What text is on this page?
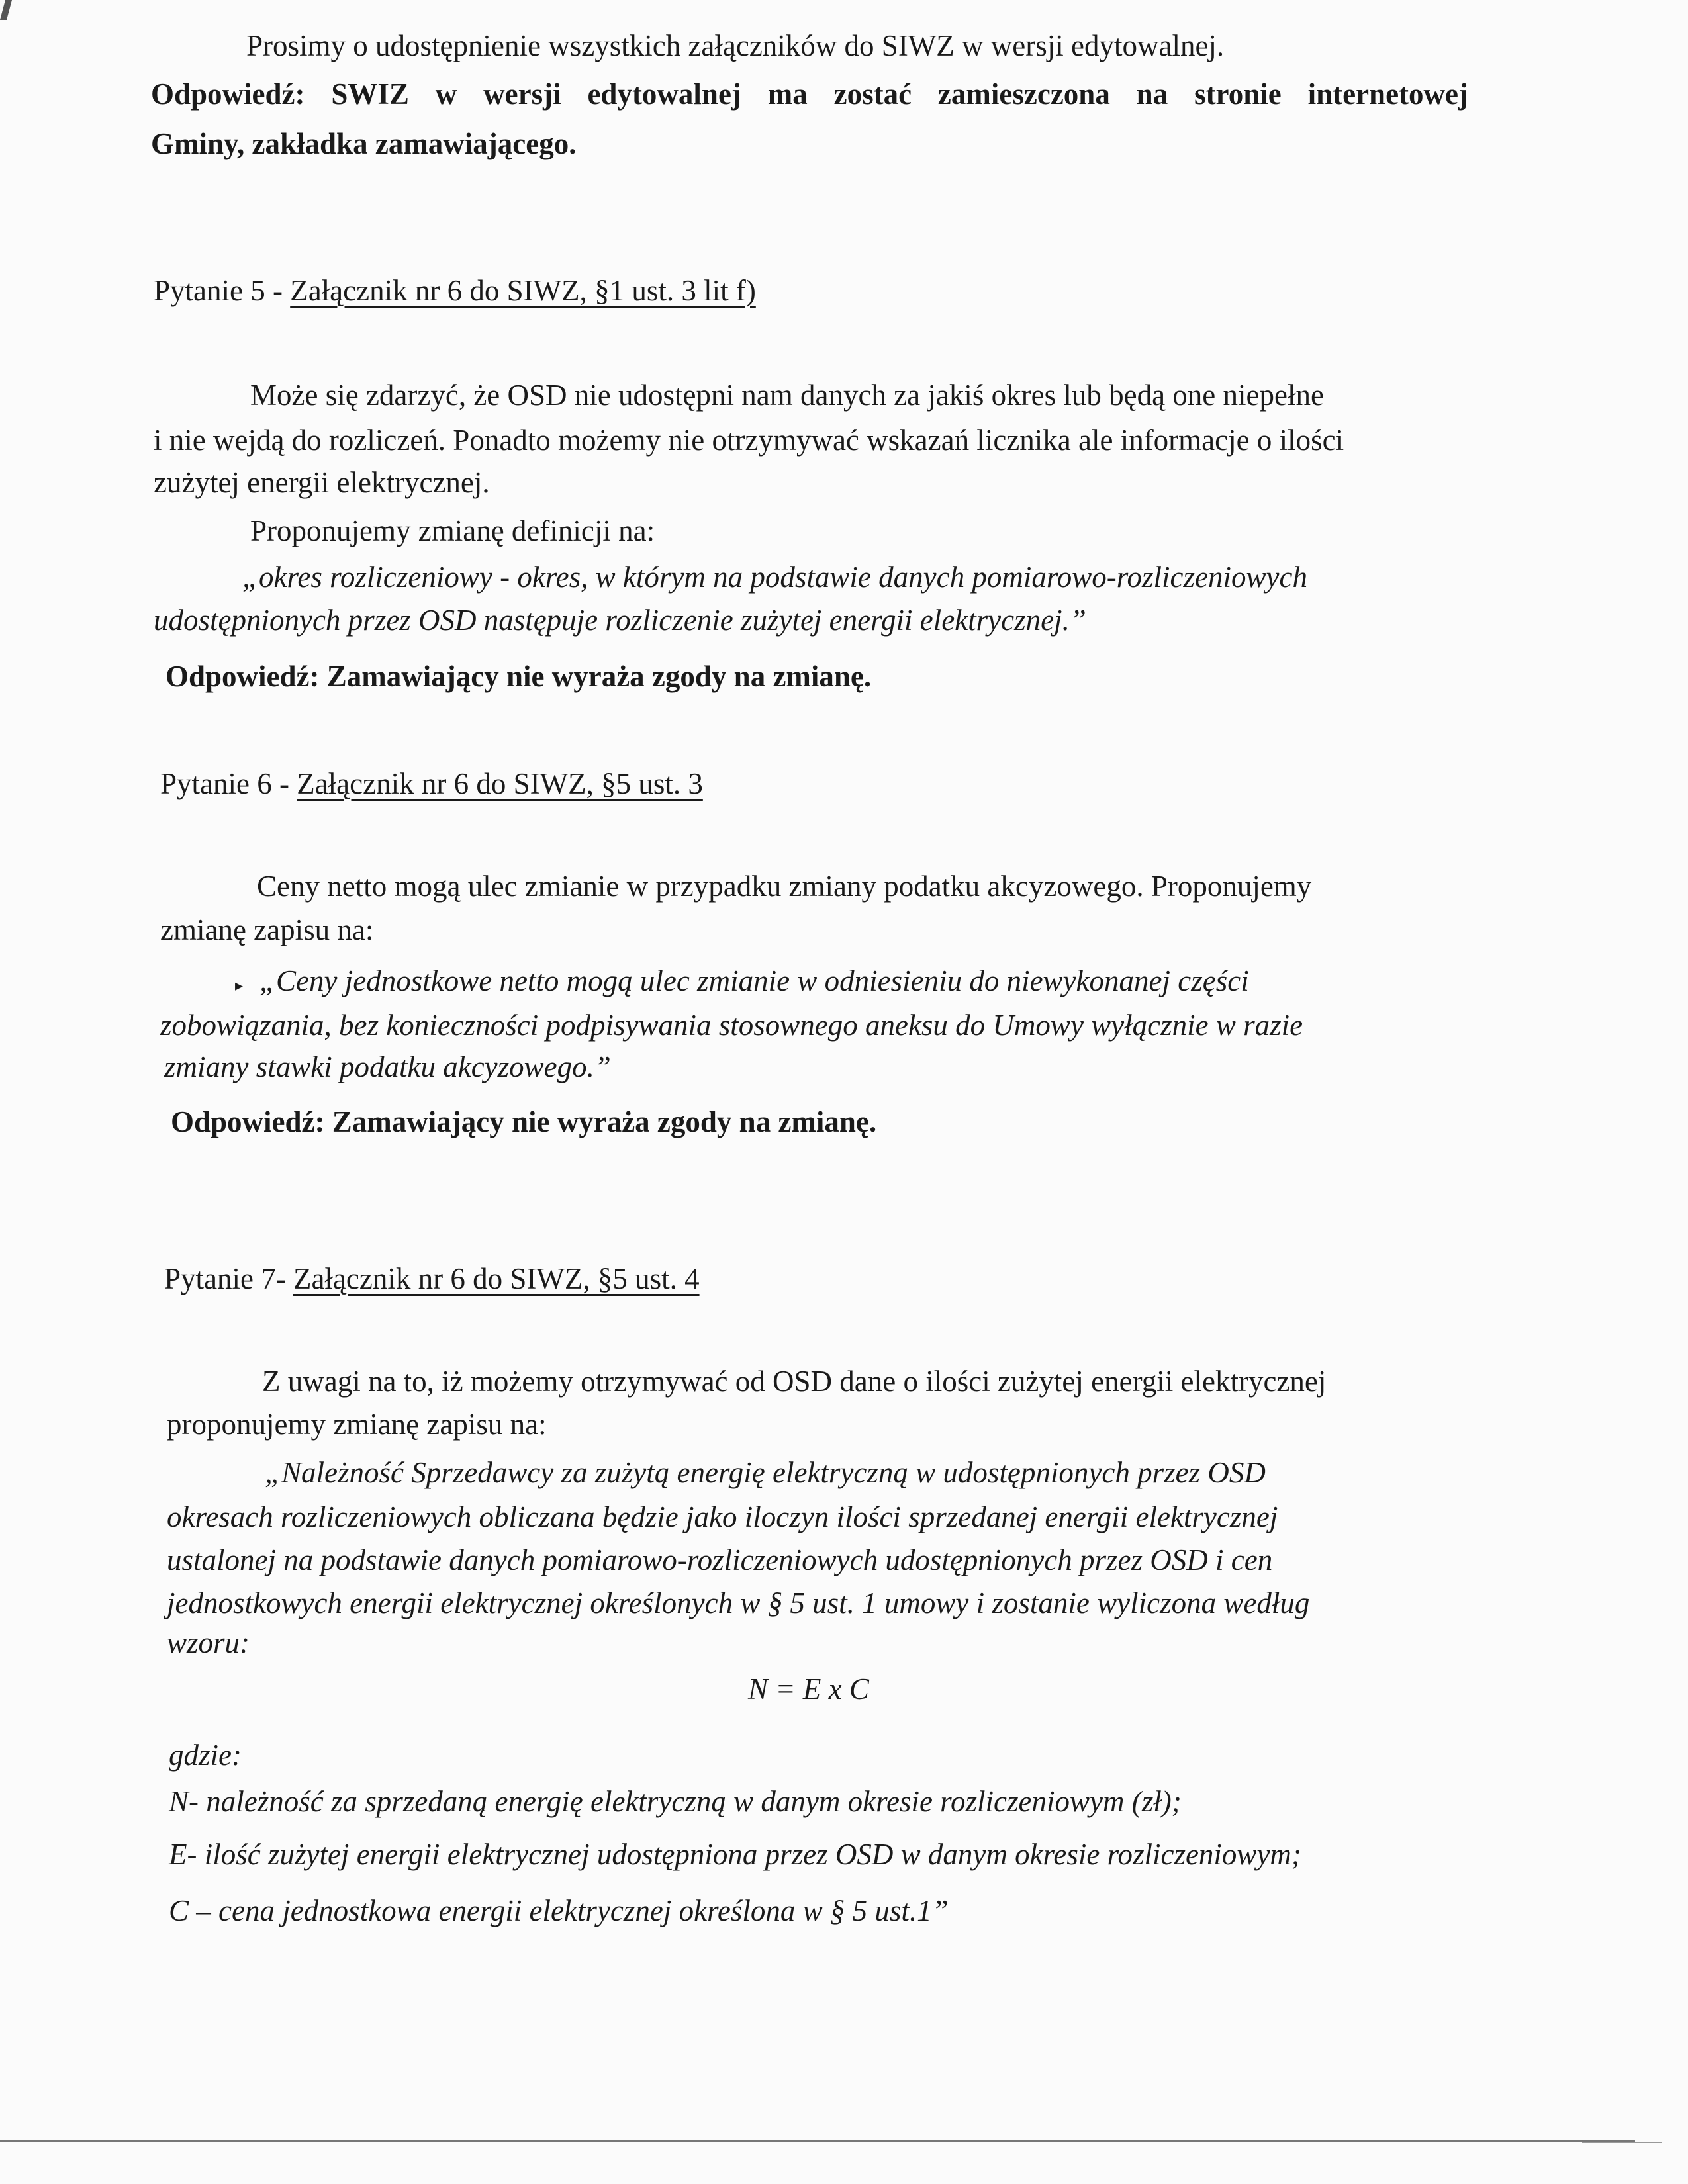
Prosimy o udostępnienie wszystkich załączników do SIWZ w wersji edytowalnej.
Odpowiedź: SWIZ w wersji edytowalnej ma zostać zamieszczona na stronie internetowej
Gminy, zakładka zamawiającego.
Pytanie 5 - Załącznik nr 6 do SIWZ, §1 ust. 3 lit f)
Może się zdarzyć, że OSD nie udostępni nam danych za jakiś okres lub będą one niepełne
i nie wejdą do rozliczeń. Ponadto możemy nie otrzymywać wskazań licznika ale informacje o ilości
zużytej energii elektrycznej.
Proponujemy zmianę definicji na:
„okres rozliczeniowy - okres, w którym na podstawie danych pomiarowo-rozliczeniowych
udostępnionych przez OSD następuje rozliczenie zużytej energii elektrycznej.”
Odpowiedź: Zamawiający nie wyraża zgody na zmianę.
Pytanie 6 - Załącznik nr 6 do SIWZ, §5 ust. 3
Ceny netto mogą ulec zmianie w przypadku zmiany podatku akcyzowego. Proponujemy
zmianę zapisu na:
▸ „Ceny jednostkowe netto mogą ulec zmianie w odniesieniu do niewykonanej części
zobowiązania, bez konieczności podpisywania stosownego aneksu do Umowy wyłącznie w razie
zmiany stawki podatku akcyzowego.”
Odpowiedź: Zamawiający nie wyraża zgody na zmianę.
Pytanie 7- Załącznik nr 6 do SIWZ, §5 ust. 4
Z uwagi na to, iż możemy otrzymywać od OSD dane o ilości zużytej energii elektrycznej
proponujemy zmianę zapisu na:
„Należność Sprzedawcy za zużytą energię elektryczną w udostępnionych przez OSD
okresach rozliczeniowych obliczana będzie jako iloczyn ilości sprzedanej energii elektrycznej
ustalonej na podstawie danych pomiarowo-rozliczeniowych udostępnionych przez OSD i cen
jednostkowych energii elektrycznej określonych w § 5 ust. 1 umowy i zostanie wyliczona według
wzoru:
N = E x C
gdzie:
N- należność za sprzedaną energię elektryczną w danym okresie rozliczeniowym (zł);
E- ilość zużytej energii elektrycznej udostępniona przez OSD w danym okresie rozliczeniowym;
C – cena jednostkowa energii elektrycznej określona w § 5 ust.1”
